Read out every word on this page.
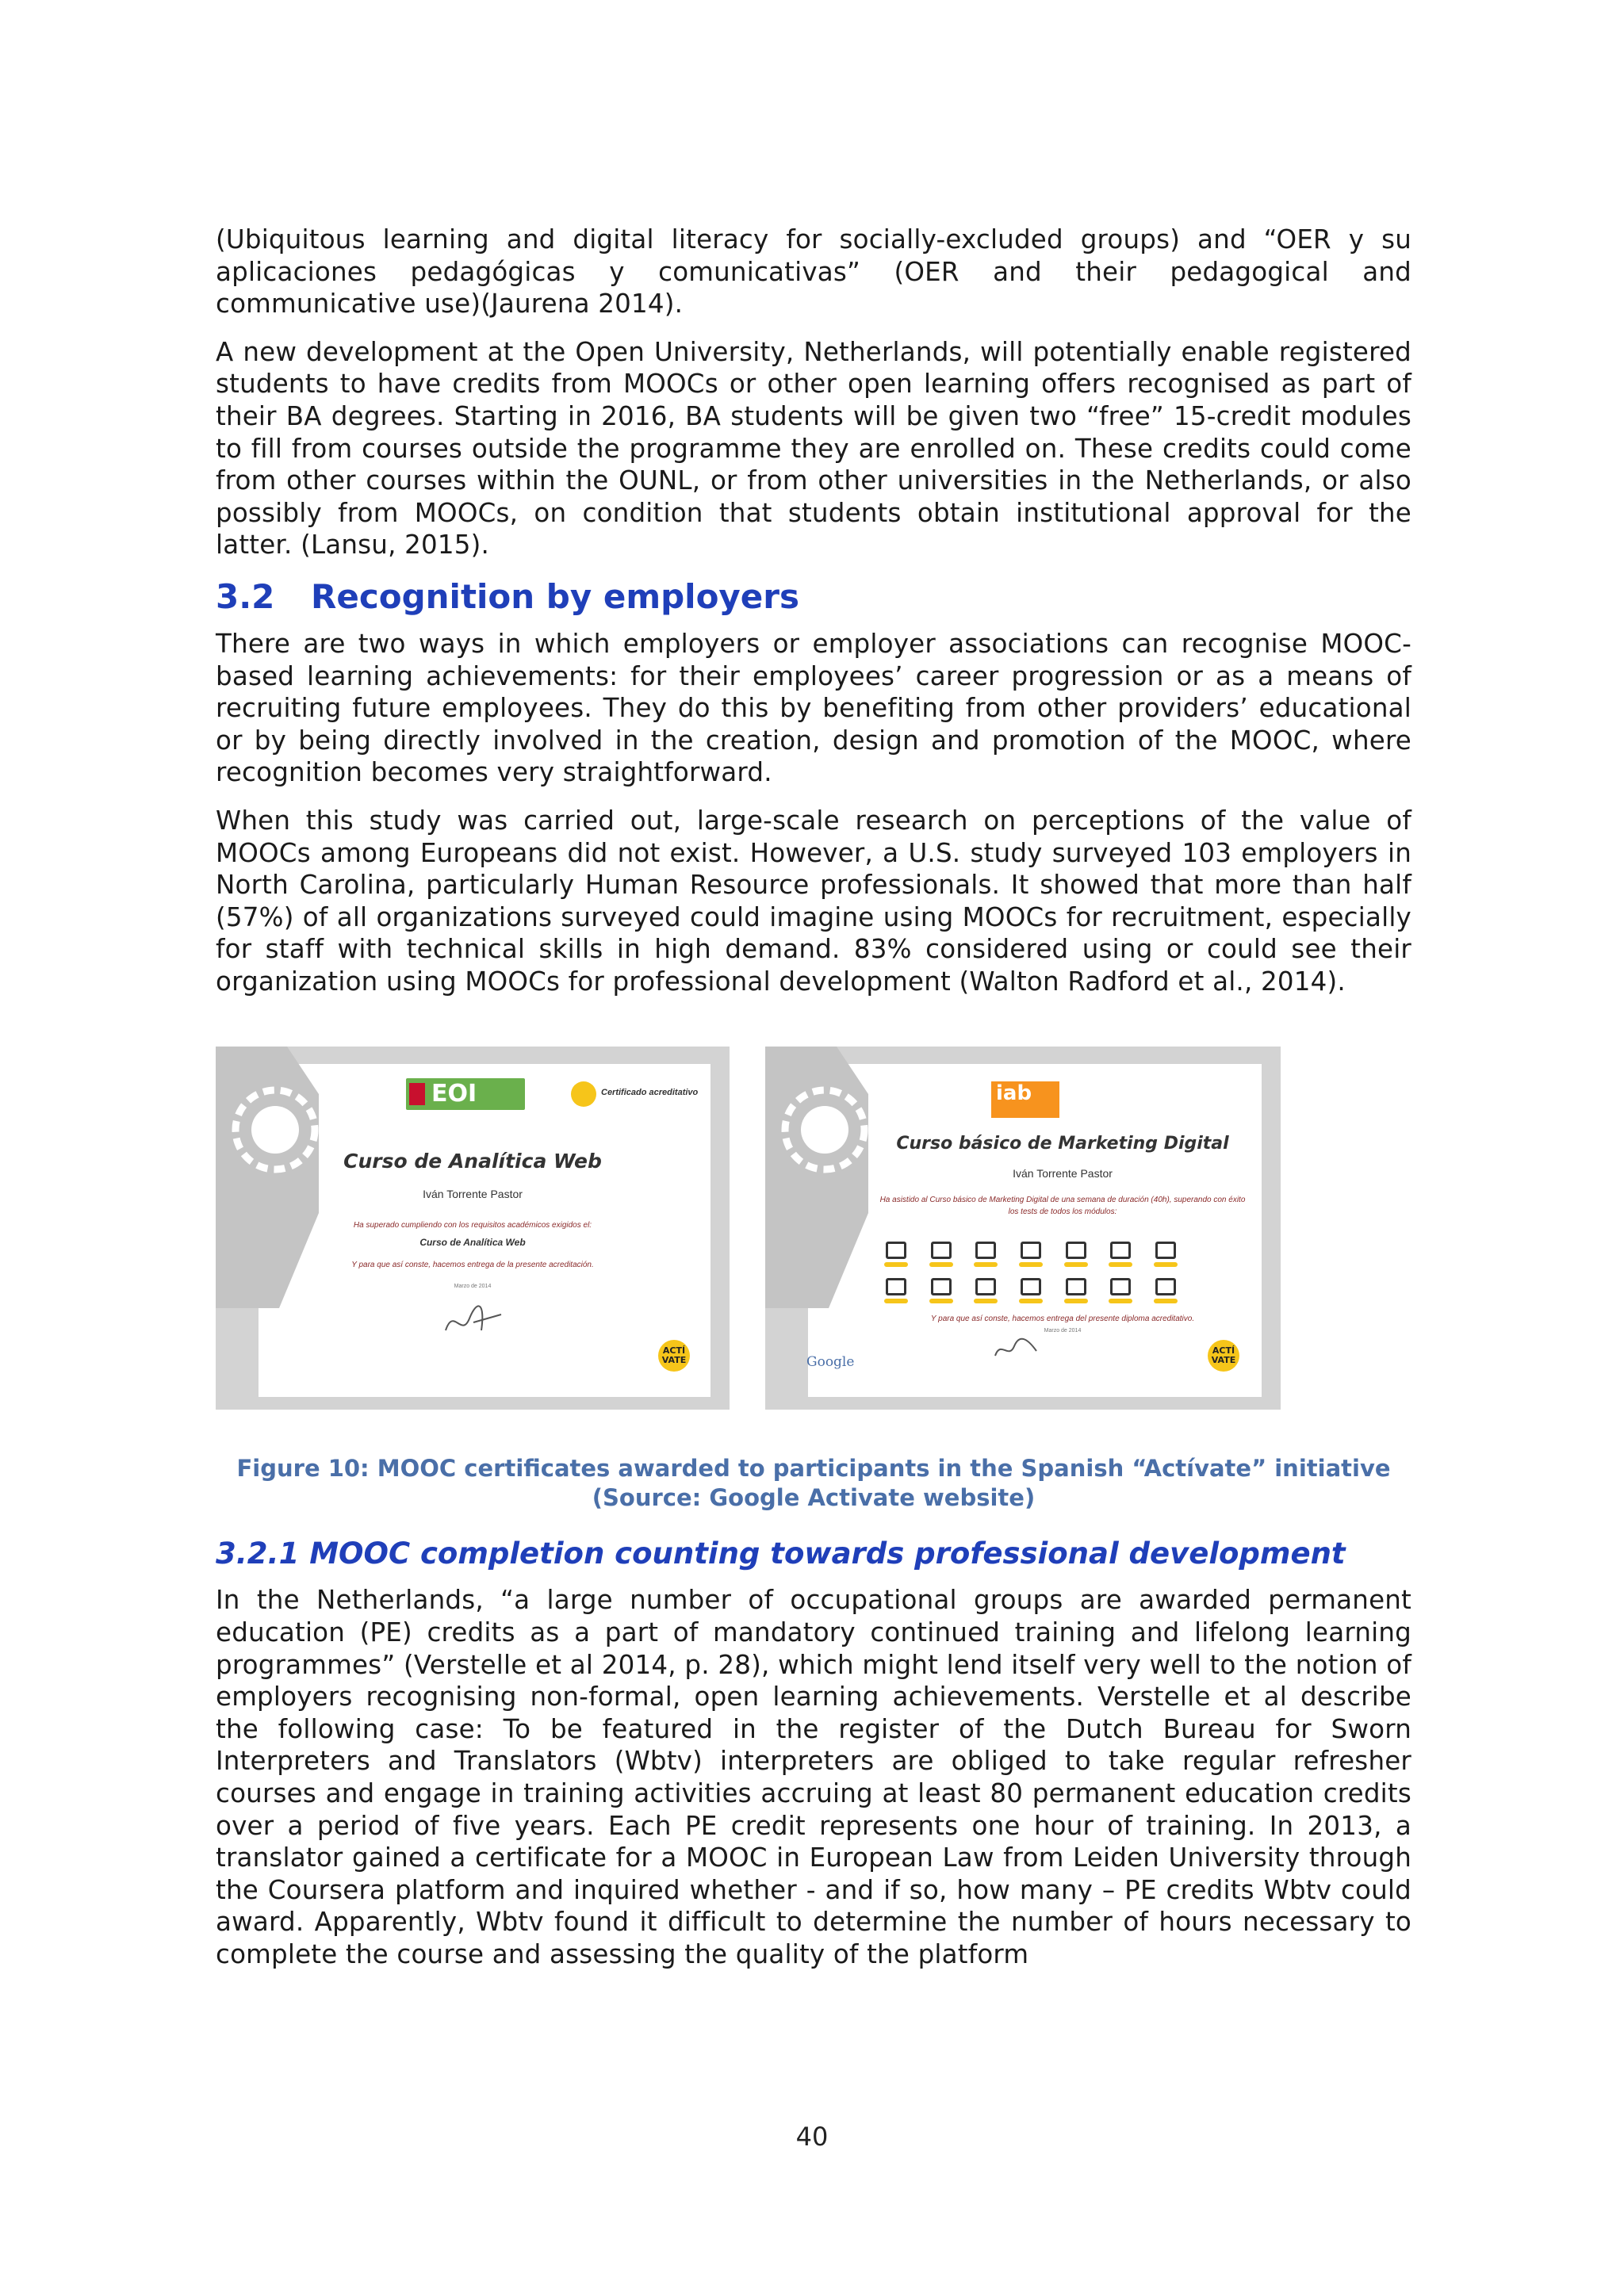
(Ubiquitous learning and digital literacy for socially-excluded groups) and “OER y su aplicaciones pedagógicas y comunicativas” (OER and their pedagogical and communicative use)(Jaurena 2014).

A new development at the Open University, Netherlands, will potentially enable registered students to have credits from MOOCs or other open learning offers recognised as part of their BA degrees. Starting in 2016, BA students will be given two “free” 15-credit modules to fill from courses outside the programme they are enrolled on. These credits could come from other courses within the OUNL, or from other universities in the Netherlands, or also possibly from MOOCs, on condition that students obtain institutional approval for the latter. (Lansu, 2015).

3.2 Recognition by employers

There are two ways in which employers or employer associations can recognise MOOC-based learning achievements: for their employees’ career progression or as a means of recruiting future employees. They do this by benefiting from other providers’ educational or by being directly involved in the creation, design and promotion of the MOOC, where recognition becomes very straightforward.

When this study was carried out, large-scale research on perceptions of the value of MOOCs among Europeans did not exist. However, a U.S. study surveyed 103 employers in North Carolina, particularly Human Resource professionals. It showed that more than half (57%) of all organizations surveyed could imagine using MOOCs for recruitment, especially for staff with technical skills in high demand. 83% considered using or could see their organization using MOOCs for professional development (Walton Radford et al., 2014).

EOI	Certificado acreditativo
Curso de Analítica Web
Iván Torrente Pastor
Ha superado cumpliendo con los requisitos académicos exigidos el:
Curso de Analítica Web
Y para que así conste, hacemos entrega de la presente acreditación.
Marzo de 2014
ACTÍ VATE
iab
Curso básico de Marketing Digital
Iván Torrente Pastor
Ha asistido al Curso básico de Marketing Digital de una semana de duración (40h), superando con éxito los tests de todos los módulos:
Y para que así conste, hacemos entrega del presente diploma acreditativo.
Marzo de 2014
Google
ACTÍ VATE
Figure 10: MOOC certificates awarded to participants in the Spanish “Actívate” initiative
(Source: Google Activate website)
3.2.1 MOOC completion counting towards professional development

In the Netherlands, “a large number of occupational groups are awarded permanent education (PE) credits as a part of mandatory continued training and lifelong learning programmes” (Verstelle et al 2014, p. 28), which might lend itself very well to the notion of employers recognising non-formal, open learning achievements. Verstelle et al describe the following case: To be featured in the register of the Dutch Bureau for Sworn Interpreters and Translators (Wbtv) interpreters are obliged to take regular refresher courses and engage in training activities accruing at least 80 permanent education credits over a period of five years. Each PE credit represents one hour of training. In 2013, a translator gained a certificate for a MOOC in European Law from Leiden University through the Coursera platform and inquired whether - and if so, how many – PE credits Wbtv could award. Apparently, Wbtv found it difficult to determine the number of hours necessary to complete the course and assessing the quality of the platform

40
